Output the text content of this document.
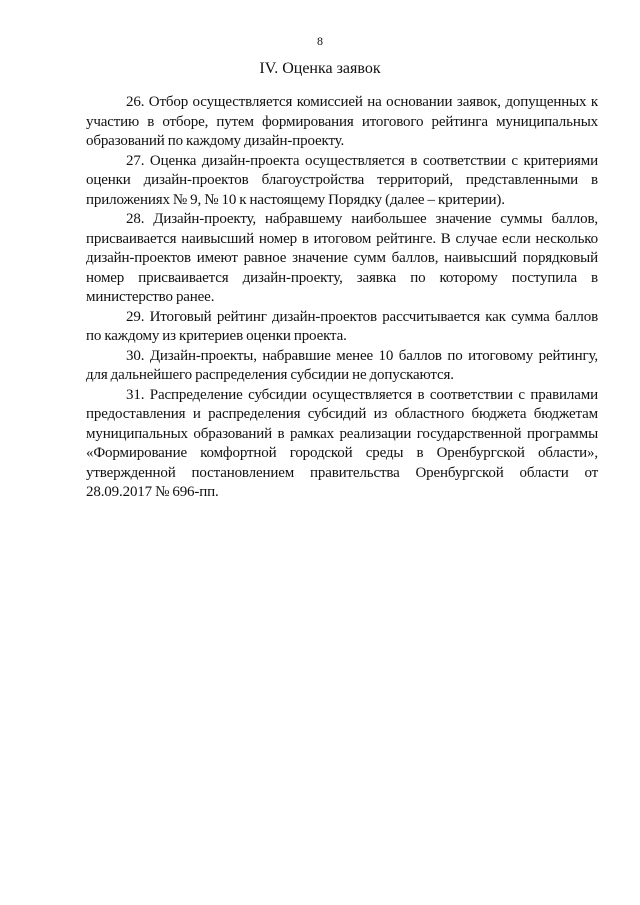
8
IV. Оценка заявок

26. Отбор осуществляется комиссией на основании заявок, допущенных к участию в отборе, путем формирования итогового рейтинга муниципальных образований по каждому дизайн-проекту.

27. Оценка дизайн-проекта осуществляется в соответствии с критериями оценки дизайн-проектов благоустройства территорий, представленными в приложениях № 9, № 10 к настоящему Порядку (далее – критерии).

28. Дизайн-проекту, набравшему наибольшее значение суммы баллов, присваивается наивысший номер в итоговом рейтинге. В случае если несколько дизайн-проектов имеют равное значение сумм баллов, наивысший порядковый номер присваивается дизайн-проекту, заявка по которому поступила в министерство ранее.

29. Итоговый рейтинг дизайн-проектов рассчитывается как сумма баллов по каждому из критериев оценки проекта.

30. Дизайн-проекты, набравшие менее 10 баллов по итоговому рейтингу, для дальнейшего распределения субсидии не допускаются.

31. Распределение субсидии осуществляется в соответствии с правилами предоставления и распределения субсидий из областного бюджета бюджетам муниципальных образований в рамках реализации государственной программы «Формирование комфортной городской среды в Оренбургской области», утвержденной постановлением правительства Оренбургской области от 28.09.2017 № 696-пп.
